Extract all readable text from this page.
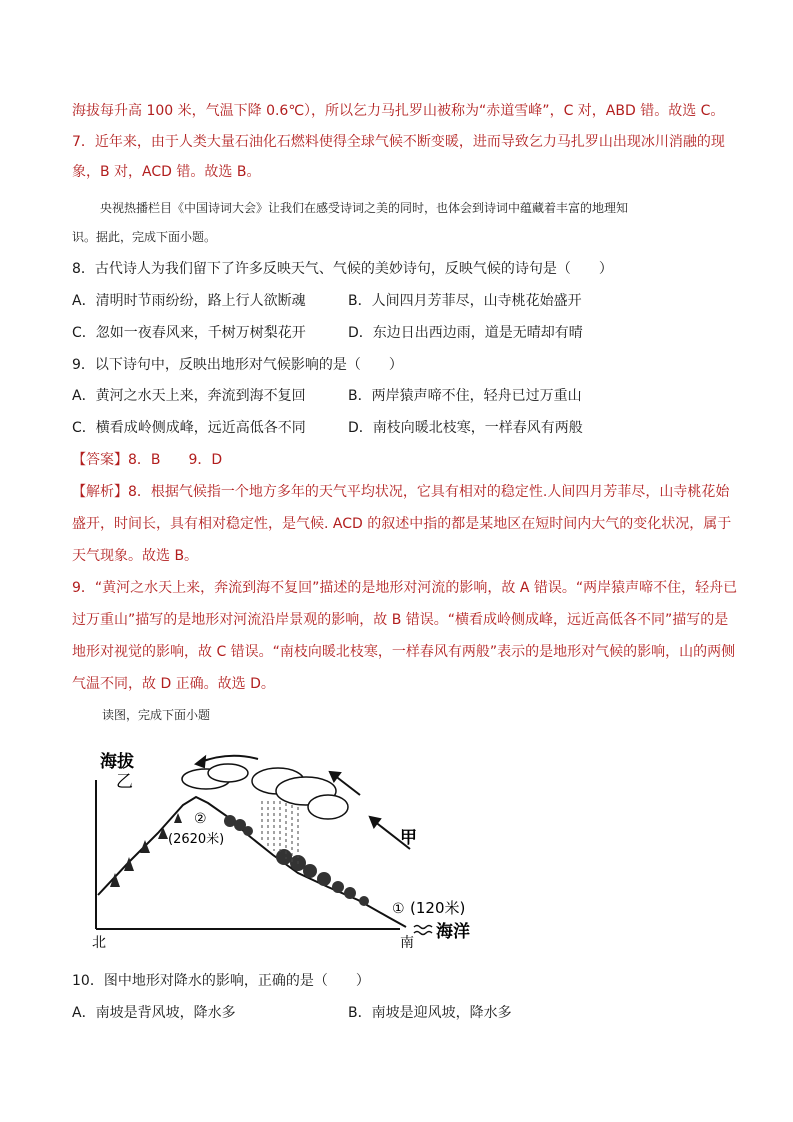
海拔每升高 100 米，气温下降 0.6℃），所以乞力马扎罗山被称为“赤道雪峰”，C 对，ABD 错。故选 C。
7．近年来，由于人类大量石油化石燃料使得全球气候不断变暖，进而导致乞力马扎罗山出现冰川消融的现
象，B 对，ACD 错。故选 B。
央视热播栏目《中国诗词大会》让我们在感受诗词之美的同时，也体会到诗词中蕴藏着丰富的地理知
识。据此，完成下面小题。
8．古代诗人为我们留下了许多反映天气、气候的美妙诗句，反映气候的诗句是（　　）
A．清明时节雨纷纷，路上行人欲断魂	B．人间四月芳菲尽，山寺桃花始盛开
C．忽如一夜春风来，千树万树梨花开	D．东边日出西边雨，道是无晴却有晴
9．以下诗句中，反映出地形对气候影响的是（　　）
A．黄河之水天上来，奔流到海不复回	B．两岸猿声啼不住，轻舟已过万重山
C．横看成岭侧成峰，远近高低各不同	D．南枝向暖北枝寒，一样春风有两般
【答案】8．B　　9．D
【解析】8．根据气候指一个地方多年的天气平均状况，它具有相对的稳定性.人间四月芳菲尽，山寺桃花始
盛开，时间长，具有相对稳定性，是气候. ACD 的叙述中指的都是某地区在短时间内大气的变化状况，属于
天气现象。故选 B。
9．“黄河之水天上来，奔流到海不复回”描述的是地形对河流的影响，故 A 错误。“两岸猿声啼不住，轻舟已
过万重山”描写的是地形对河流沿岸景观的影响，故 B 错误。“横看成岭侧成峰，远近高低各不同”描写的是
地形对视觉的影响，故 C 错误。“南枝向暖北枝寒，一样春风有两般”表示的是地形对气候的影响，山的两侧
气温不同，故 D 正确。故选 D。
读图，完成下面小题
海拔
乙
甲
②
(2620米)
① (120米)
北	南
海洋
10．图中地形对降水的影响，正确的是（　　）
A．南坡是背风坡，降水多	B．南坡是迎风坡，降水多
